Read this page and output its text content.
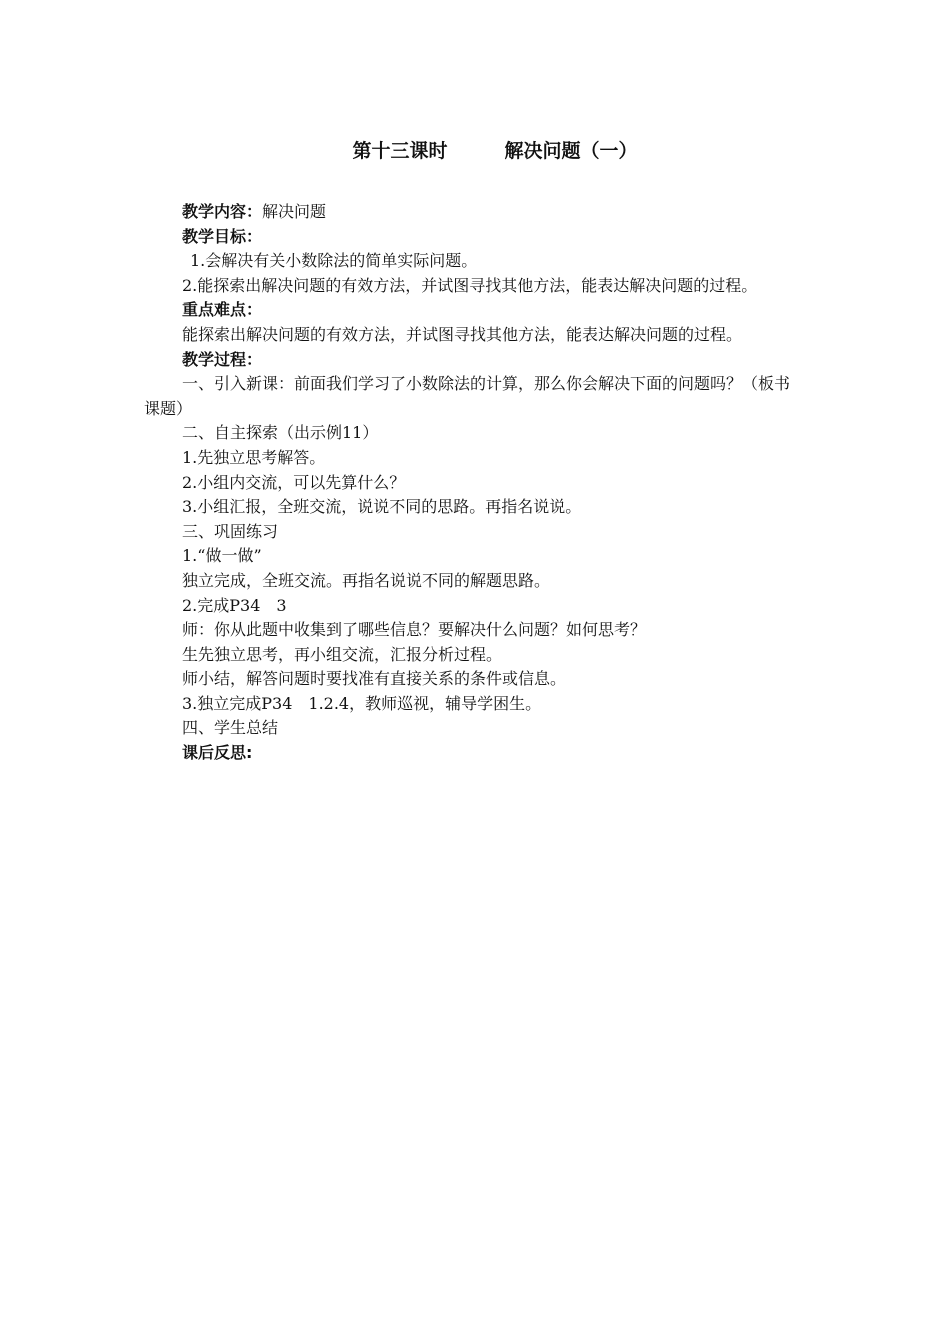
第十三课时　　　解决问题（一）
教学内容：解决问题
教学目标：
1.会解决有关小数除法的简单实际问题。
2.能探索出解决问题的有效方法，并试图寻找其他方法，能表达解决问题的过程。
重点难点：
能探索出解决问题的有效方法，并试图寻找其他方法，能表达解决问题的过程。
教学过程：
一、引入新课：前面我们学习了小数除法的计算，那么你会解决下面的问题吗？（板书课题）
二、自主探索（出示例11）
1.先独立思考解答。
2.小组内交流，可以先算什么？
3.小组汇报，全班交流，说说不同的思路。再指名说说。
三、巩固练习
1.“做一做”
独立完成，全班交流。再指名说说不同的解题思路。
2.完成P34　3
师：你从此题中收集到了哪些信息？要解决什么问题？如何思考？
生先独立思考，再小组交流，汇报分析过程。
师小结，解答问题时要找准有直接关系的条件或信息。
3.独立完成P34　1.2.4，教师巡视，辅导学困生。
四、学生总结
课后反思:
